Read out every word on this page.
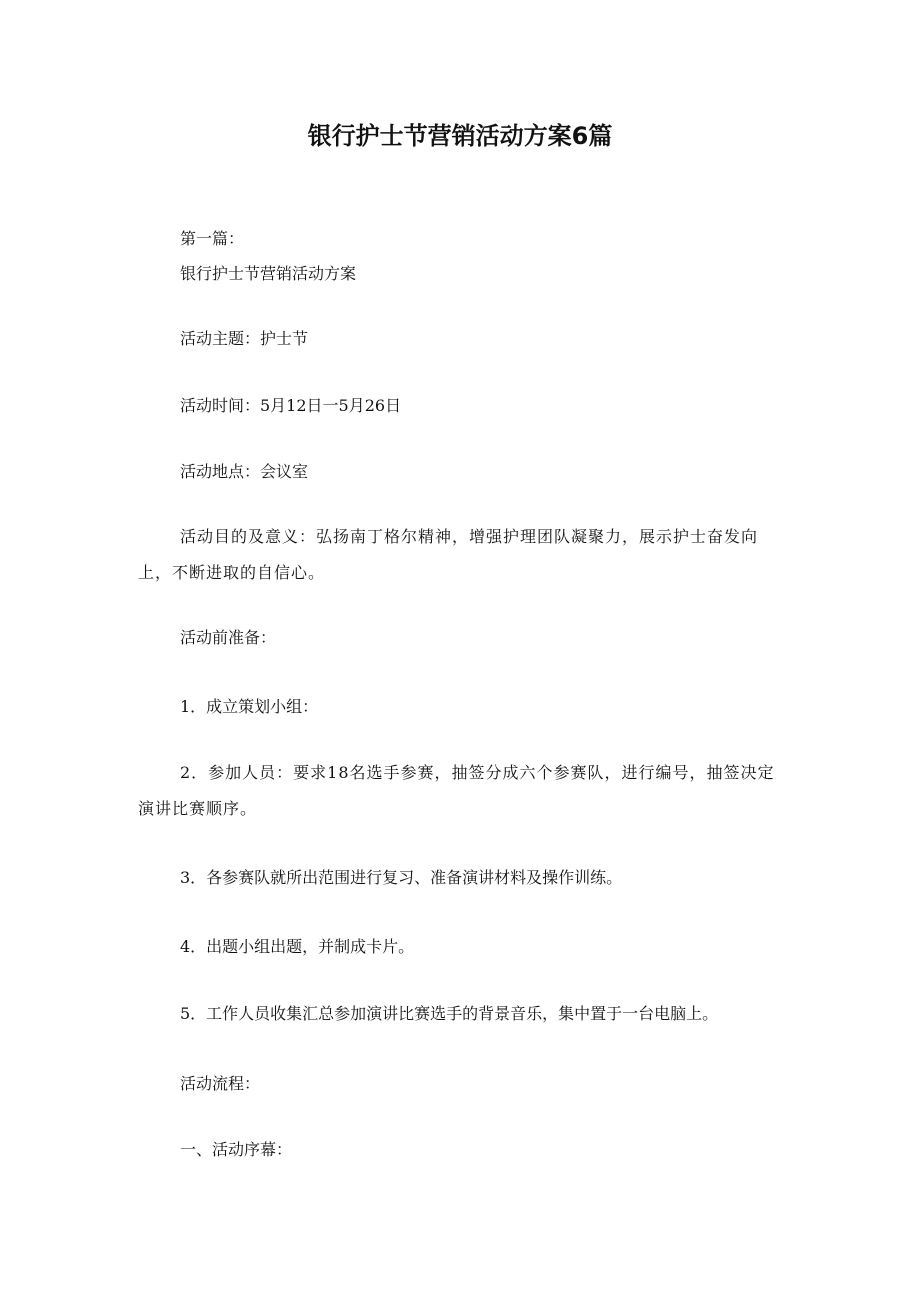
银行护士节营销活动方案6篇
第一篇：
银行护士节营销活动方案
活动主题：护士节
活动时间：5月12日一5月26日
活动地点：会议室
活动目的及意义：弘扬南丁格尔精神，增强护理团队凝聚力，展示护士奋发向上，不断进取的自信心。
活动前准备：
1．成立策划小组：
2．参加人员：要求18名选手参赛，抽签分成六个参赛队，进行编号，抽签决定演讲比赛顺序。
3．各参赛队就所出范围进行复习、准备演讲材料及操作训练。
4．出题小组出题，并制成卡片。
5．工作人员收集汇总参加演讲比赛选手的背景音乐，集中置于一台电脑上。
活动流程：
一、活动序幕：
